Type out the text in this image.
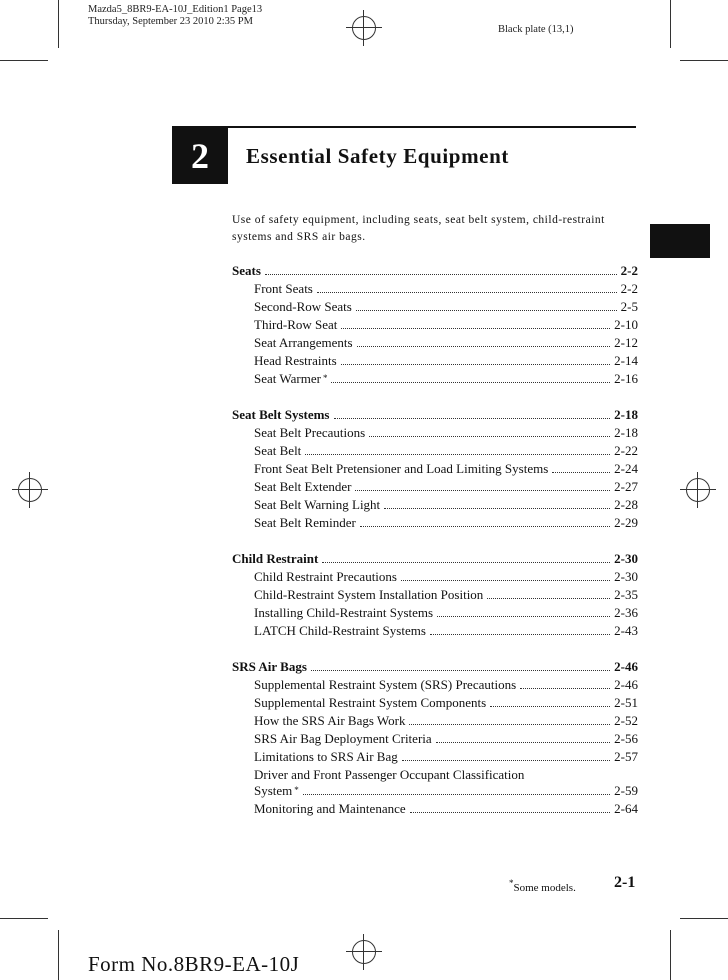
Mazda5_8BR9-EA-10J_Edition1 Page13
Thursday, September 23 2010 2:35 PM
Black plate (13,1)
2	Essential Safety Equipment
Use of safety equipment, including seats, seat belt system, child-restraint systems and SRS air bags.
Seats	2-2
Front Seats	2-2
Second-Row Seats	2-5
Third-Row Seat	2-10
Seat Arrangements	2-12
Head Restraints	2-14
Seat Warmer *	2-16
Seat Belt Systems	2-18
Seat Belt Precautions	2-18
Seat Belt	2-22
Front Seat Belt Pretensioner and Load Limiting Systems	2-24
Seat Belt Extender	2-27
Seat Belt Warning Light	2-28
Seat Belt Reminder	2-29
Child Restraint	2-30
Child Restraint Precautions	2-30
Child-Restraint System Installation Position	2-35
Installing Child-Restraint Systems	2-36
LATCH Child-Restraint Systems	2-43
SRS Air Bags	2-46
Supplemental Restraint System (SRS) Precautions	2-46
Supplemental Restraint System Components	2-51
How the SRS Air Bags Work	2-52
SRS Air Bag Deployment Criteria	2-56
Limitations to SRS Air Bag	2-57
Driver and Front Passenger Occupant Classification
System *	2-59
Monitoring and Maintenance	2-64
*Some models. 2-1
Form No.8BR9-EA-10J
